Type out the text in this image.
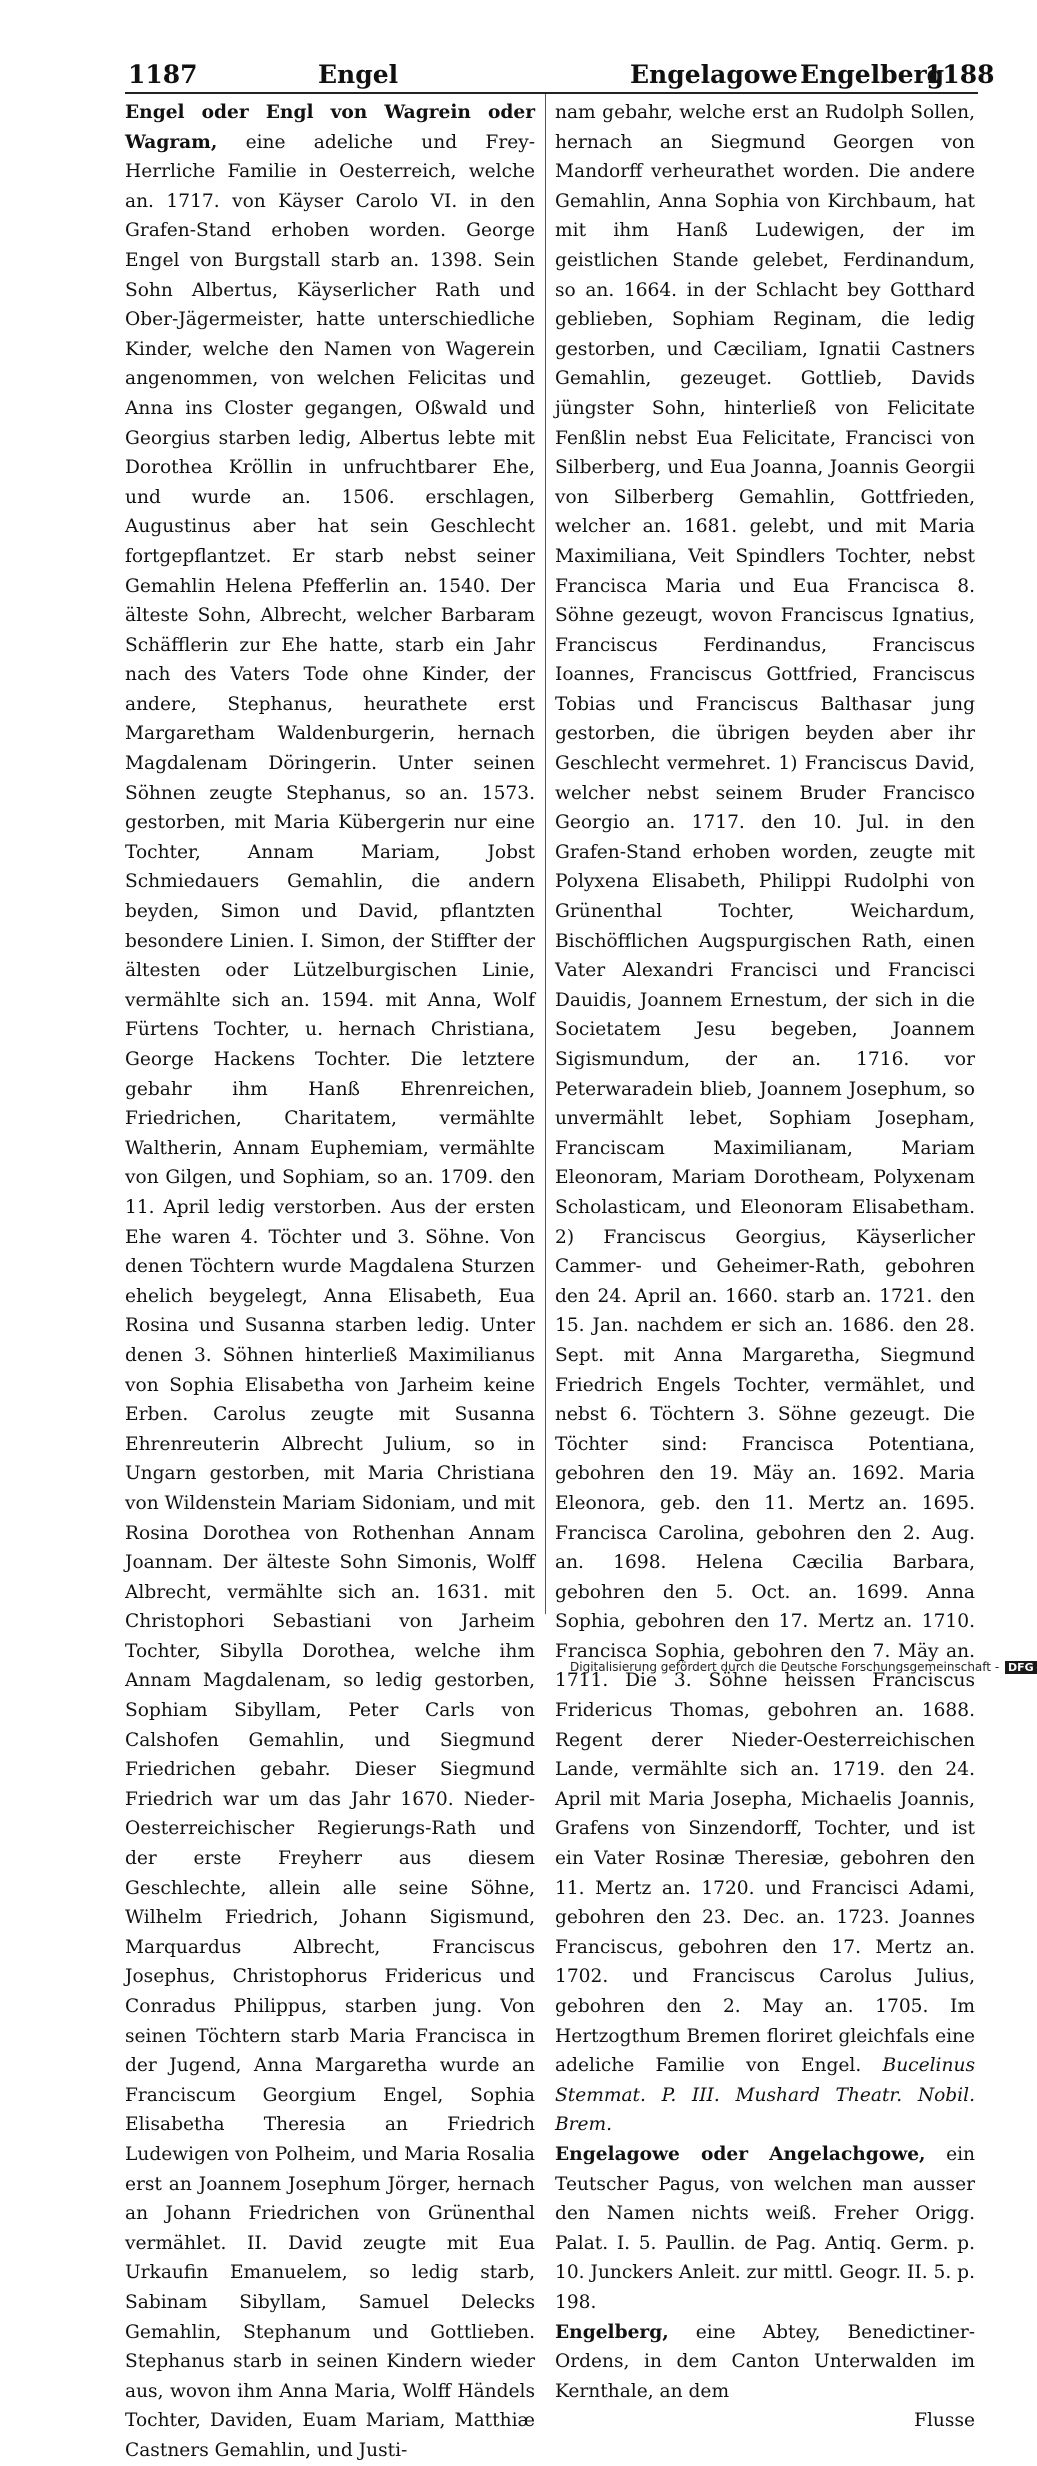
1187	Engel	Engelagowe Engelberg
1188

Engel oder Engl von Wagrein oder Wagram, eine adeliche und Frey-Herrliche Familie in Oesterreich, welche an. 1717. von Käyser Carolo VI. in den Grafen-Stand erhoben worden. George Engel von Burgstall starb an. 1398. Sein Sohn Albertus, Käyserlicher Rath und Ober-Jägermeister, hatte unterschiedliche Kinder, welche den Namen von Wagerein angenommen, von welchen Felicitas und Anna ins Closter gegangen, Oßwald und Georgius starben ledig, Albertus lebte mit Dorothea Kröllin in unfruchtbarer Ehe, und wurde an. 1506. erschlagen, Augustinus aber hat sein Geschlecht fortgepflantzet. Er starb nebst seiner Gemahlin Helena Pfefferlin an. 1540. Der älteste Sohn, Albrecht, welcher Barbaram Schäfflerin zur Ehe hatte, starb ein Jahr nach des Vaters Tode ohne Kinder, der andere, Stephanus, heurathete erst Margaretham Waldenburgerin, hernach Magdalenam Döringerin. Unter seinen Söhnen zeugte Stephanus, so an. 1573. gestorben, mit Maria Kübergerin nur eine Tochter, Annam Mariam, Jobst Schmiedauers Gemahlin, die andern beyden, Simon und David, pflantzten besondere Linien. I. Simon, der Stiffter der ältesten oder Lützelburgischen Linie, vermählte sich an. 1594. mit Anna, Wolf Fürtens Tochter, u. hernach Christiana, George Hackens Tochter. Die letztere gebahr ihm Hanß Ehrenreichen, Friedrichen, Charitatem, vermählte Waltherin, Annam Euphemiam, vermählte von Gilgen, und Sophiam, so an. 1709. den 11. April ledig verstorben. Aus der ersten Ehe waren 4. Töchter und 3. Söhne. Von denen Töchtern wurde Magdalena Sturzen ehelich beygelegt, Anna Elisabeth, Eua Rosina und Susanna starben ledig. Unter denen 3. Söhnen hinterließ Maximilianus von Sophia Elisabetha von Jarheim keine Erben. Carolus zeugte mit Susanna Ehrenreuterin Albrecht Julium, so in Ungarn gestorben, mit Maria Christiana von Wildenstein Mariam Sidoniam, und mit Rosina Dorothea von Rothenhan Annam Joannam. Der älteste Sohn Simonis, Wolff Albrecht, vermählte sich an. 1631. mit Christophori Sebastiani von Jarheim Tochter, Sibylla Dorothea, welche ihm Annam Magdalenam, so ledig gestorben, Sophiam Sibyllam, Peter Carls von Calshofen Gemahlin, und Siegmund Friedrichen gebahr. Dieser Siegmund Friedrich war um das Jahr 1670. Nieder-Oesterreichischer Regierungs-Rath und der erste Freyherr aus diesem Geschlechte, allein alle seine Söhne, Wilhelm Friedrich, Johann Sigismund, Marquardus Albrecht, Franciscus Josephus, Christophorus Fridericus und Conradus Philippus, starben jung. Von seinen Töchtern starb Maria Francisca in der Jugend, Anna Margaretha wurde an Franciscum Georgium Engel, Sophia Elisabetha Theresia an Friedrich Ludewigen von Polheim, und Maria Rosalia erst an Joannem Josephum Jörger, hernach an Johann Friedrichen von Grünenthal vermählet. II. David zeugte mit Eua Urkaufin Emanuelem, so ledig starb, Sabinam Sibyllam, Samuel Delecks Gemahlin, Stephanum und Gottlieben. Stephanus starb in seinen Kindern wieder aus, wovon ihm Anna Maria, Wolff Händels Tochter, Daviden, Euam Mariam, Matthiæ Castners Gemahlin, und Justi-

nam gebahr, welche erst an Rudolph Sollen, hernach an Siegmund Georgen von Mandorff verheurathet worden. Die andere Gemahlin, Anna Sophia von Kirchbaum, hat mit ihm Hanß Ludewigen, der im geistlichen Stande gelebet, Ferdinandum, so an. 1664. in der Schlacht bey Gotthard geblieben, Sophiam Reginam, die ledig gestorben, und Cæciliam, Ignatii Castners Gemahlin, gezeuget. Gottlieb, Davids jüngster Sohn, hinterließ von Felicitate Fenßlin nebst Eua Felicitate, Francisci von Silberberg, und Eua Joanna, Joannis Georgii von Silberberg Gemahlin, Gottfrieden, welcher an. 1681. gelebt, und mit Maria Maximiliana, Veit Spindlers Tochter, nebst Francisca Maria und Eua Francisca 8. Söhne gezeugt, wovon Franciscus Ignatius, Franciscus Ferdinandus, Franciscus Ioannes, Franciscus Gottfried, Franciscus Tobias und Franciscus Balthasar jung gestorben, die übrigen beyden aber ihr Geschlecht vermehret. 1) Franciscus David, welcher nebst seinem Bruder Francisco Georgio an. 1717. den 10. Jul. in den Grafen-Stand erhoben worden, zeugte mit Polyxena Elisabeth, Philippi Rudolphi von Grünenthal Tochter, Weichardum, Bischöfflichen Augspurgischen Rath, einen Vater Alexandri Francisci und Francisci Dauidis, Joannem Ernestum, der sich in die Societatem Jesu begeben, Joannem Sigismundum, der an. 1716. vor Peterwaradein blieb, Joannem Josephum, so unvermählt lebet, Sophiam Josepham, Franciscam Maximilianam, Mariam Eleonoram, Mariam Dorotheam, Polyxenam Scholasticam, und Eleonoram Elisabetham. 2) Franciscus Georgius, Käyserlicher Cammer- und Geheimer-Rath, gebohren den 24. April an. 1660. starb an. 1721. den 15. Jan. nachdem er sich an. 1686. den 28. Sept. mit Anna Margaretha, Siegmund Friedrich Engels Tochter, vermählet, und nebst 6. Töchtern 3. Söhne gezeugt. Die Töchter sind: Francisca Potentiana, gebohren den 19. Mäy an. 1692. Maria Eleonora, geb. den 11. Mertz an. 1695. Francisca Carolina, gebohren den 2. Aug. an. 1698. Helena Cæcilia Barbara, gebohren den 5. Oct. an. 1699. Anna Sophia, gebohren den 17. Mertz an. 1710. Francisca Sophia, gebohren den 7. Mäy an. 1711. Die 3. Söhne heissen Franciscus Fridericus Thomas, gebohren an. 1688. Regent derer Nieder-Oesterreichischen Lande, vermählte sich an. 1719. den 24. April mit Maria Josepha, Michaelis Joannis, Grafens von Sinzendorff, Tochter, und ist ein Vater Rosinæ Theresiæ, gebohren den 11. Mertz an. 1720. und Francisci Adami, gebohren den 23. Dec. an. 1723. Joannes Franciscus, gebohren den 17. Mertz an. 1702. und Franciscus Carolus Julius, gebohren den 2. May an. 1705. Im Hertzogthum Bremen floriret gleichfals eine adeliche Familie von Engel. Bucelinus Stemmat. P. III. Mushard Theatr. Nobil. Brem.

Engelagowe oder Angelachgowe, ein Teutscher Pagus, von welchen man ausser den Namen nichts weiß. Freher Origg. Palat. I. 5. Paullin. de Pag. Antiq. Germ. p. 10. Junckers Anleit. zur mittl. Geogr. II. 5. p. 198.

Engelberg, eine Abtey, Benedictiner-Ordens, in dem Canton Unterwalden im Kernthale, an dem

Flusse

Digitalisierung gefördert durch die Deutsche Forschungsgemeinschaft - DFG
